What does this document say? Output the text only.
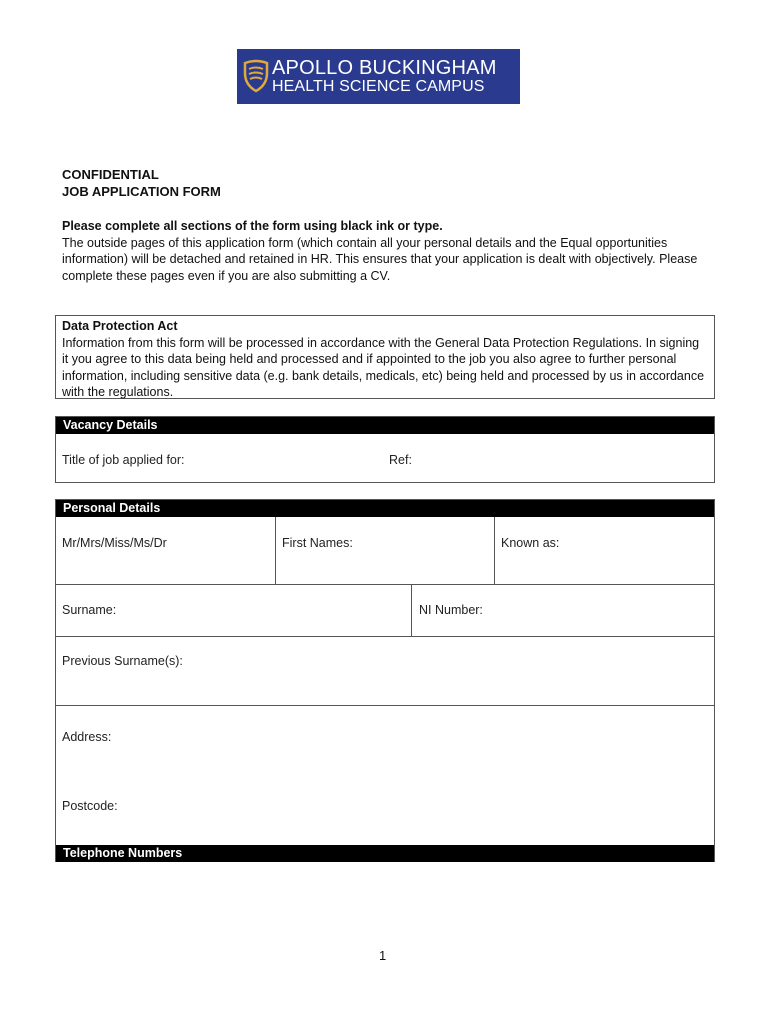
APOLLO BUCKINGHAM
HEALTH SCIENCE CAMPUS
CONFIDENTIAL
JOB APPLICATION FORM
Please complete all sections of the form using black ink or type.
The outside pages of this application form (which contain all your personal details and the Equal opportunities information) will be detached and retained in HR. This ensures that your application is dealt with objectively. Please complete these pages even if you are also submitting a CV.
Data Protection Act
Information from this form will be processed in accordance with the General Data Protection Regulations. In signing it you agree to this data being held and processed and if appointed to the job you also agree to further personal information, including sensitive data (e.g. bank details, medicals, etc) being held and processed by us in accordance with the regulations.
Vacancy Details
Title of job applied for:	Ref:
Personal Details
Mr/Mrs/Miss/Ms/Dr	First Names:	Known as:
Surname:	NI Number:
Previous Surname(s):
Address:
Postcode:
Telephone Numbers
1
